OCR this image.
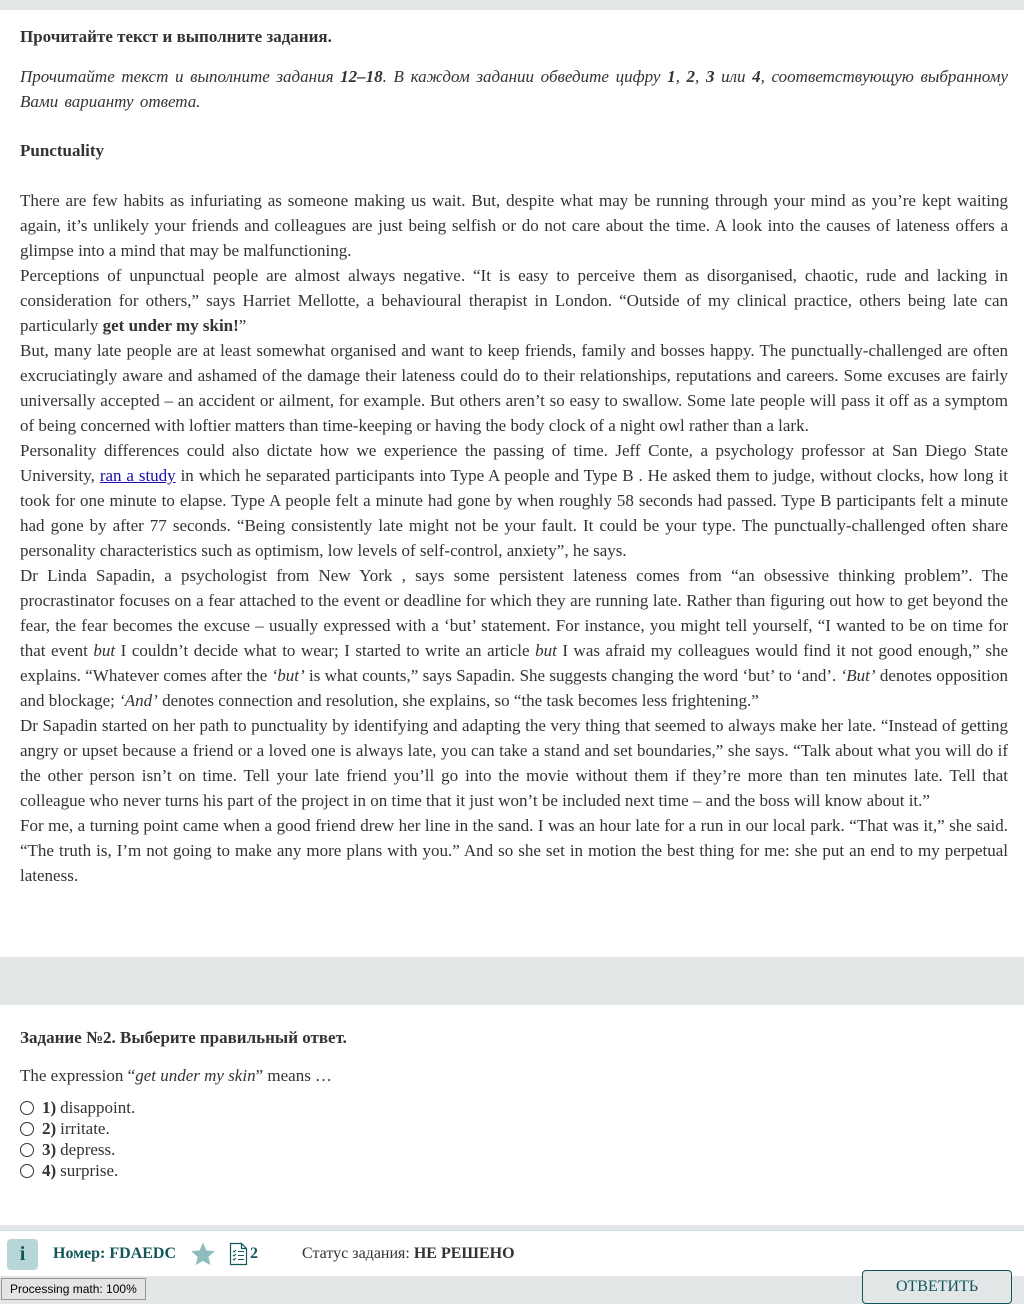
Прочитайте текст и выполните задания.

Прочитайте текст и выполните задания 12–18. В каждом задании обведите цифру 1, 2, 3 или 4, соответствующую выбранному Вами варианту ответа.

Punctuality

There are few habits as infuriating as someone making us wait. But, despite what may be running through your mind as you’re kept waiting again, it’s unlikely your friends and colleagues are just being selfish or do not care about the time. A look into the causes of lateness offers a glimpse into a mind that may be malfunctioning.

Perceptions of unpunctual people are almost always negative. “It is easy to perceive them as disorganised, chaotic, rude and lacking in consideration for others,” says Harriet Mellotte, a behavioural therapist in London. “Outside of my clinical practice, others being late can particularly get under my skin!”

But, many late people are at least somewhat organised and want to keep friends, family and bosses happy. The punctually-challenged are often excruciatingly aware and ashamed of the damage their lateness could do to their relationships, reputations and careers. Some excuses are fairly universally accepted – an accident or ailment, for example. But others aren’t so easy to swallow. Some late people will pass it off as a symptom of being concerned with loftier matters than time-keeping or having the body clock of a night owl rather than a lark.

Personality differences could also dictate how we experience the passing of time. Jeff Conte, a psychology professor at San Diego State University, ran a study in which he separated participants into Type A people and Type B . He asked them to judge, without clocks, how long it took for one minute to elapse. Type A people felt a minute had gone by when roughly 58 seconds had passed. Type B participants felt a minute had gone by after 77 seconds. “Being consistently late might not be your fault. It could be your type. The punctually-challenged often share personality characteristics such as optimism, low levels of self-control, anxiety”, he says.

Dr Linda Sapadin, a psychologist from New York , says some persistent lateness comes from “an obsessive thinking problem”. The procrastinator focuses on a fear attached to the event or deadline for which they are running late. Rather than figuring out how to get beyond the fear, the fear becomes the excuse – usually expressed with a ‘but’ statement. For instance, you might tell yourself, “I wanted to be on time for that event but I couldn’t decide what to wear; I started to write an article but I was afraid my colleagues would find it not good enough,” she explains. “Whatever comes after the ‘but’ is what counts,” says Sapadin. She suggests changing the word ‘but’ to ‘and’. ‘But’ denotes opposition and blockage; ‘And’ denotes connection and resolution, she explains, so “the task becomes less frightening.”

Dr Sapadin started on her path to punctuality by identifying and adapting the very thing that seemed to always make her late. “Instead of getting angry or upset because a friend or a loved one is always late, you can take a stand and set boundaries,” she says. “Talk about what you will do if the other person isn’t on time. Tell your late friend you’ll go into the movie without them if they’re more than ten minutes late. Tell that colleague who never turns his part of the project in on time that it just won’t be included next time – and the boss will know about it.”

For me, a turning point came when a good friend drew her line in the sand. I was an hour late for a run in our local park. “That was it,” she said. “The truth is, I’m not going to make any more plans with you.” And so she set in motion the best thing for me: she put an end to my perpetual lateness.

Задание №2. Выберите правильный ответ.
The expression “get under my skin” means …
1) disappoint.
2) irritate.
3) depress.
4) surprise.
i Номер: FDAEDC	2	Статус задания: НЕ РЕШЕНО
Processing math: 100%	ОТВЕТИТЬ
